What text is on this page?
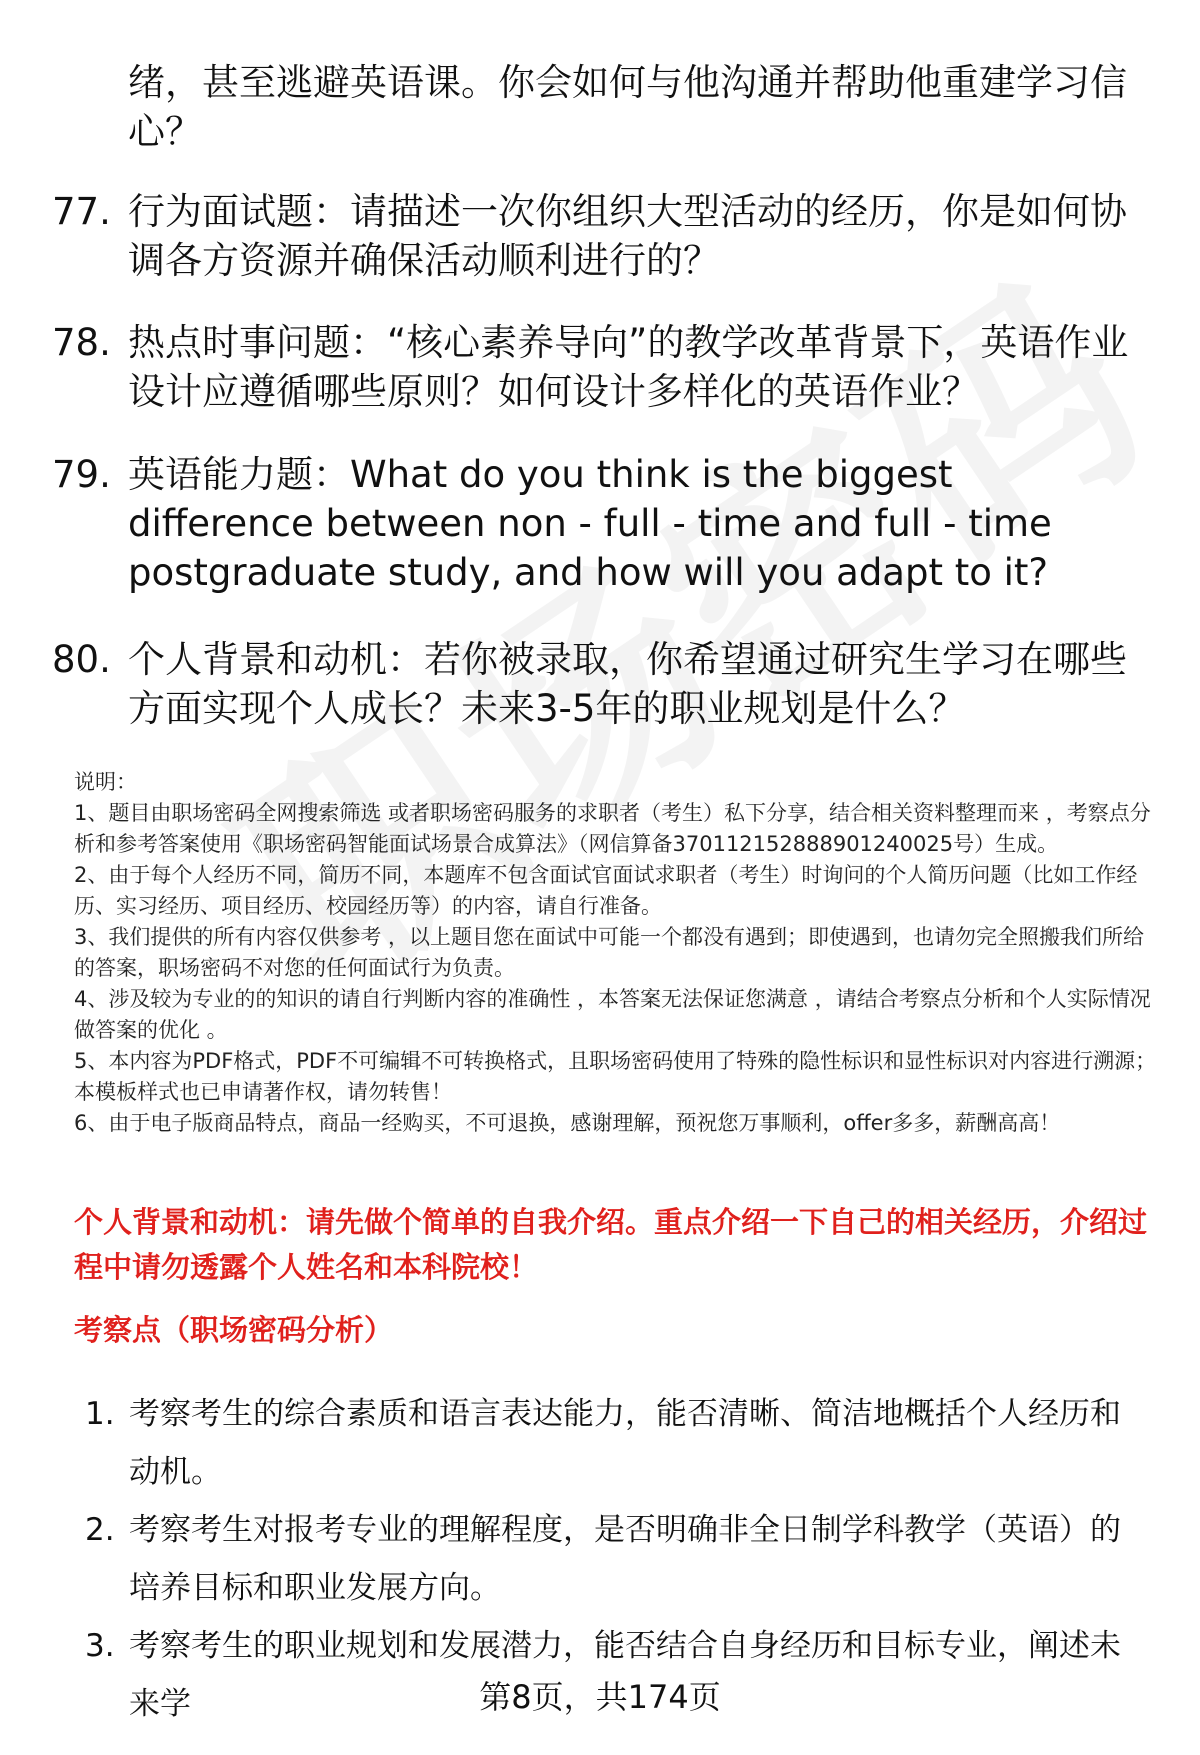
绪，甚至逃避英语课。你会如何与他沟通并帮助他重建学习信心？

77. 行为面试题：请描述一次你组织大型活动的经历，你是如何协调各方资源并确保活动顺利进行的？
78. 热点时事问题：“核心素养导向”的教学改革背景下，英语作业设计应遵循哪些原则？如何设计多样化的英语作业？
79. 英语能力题：What do you think is the biggest difference between non - full - time and full - time postgraduate study, and how will you adapt to it?
80. 个人背景和动机：若你被录取，你希望通过研究生学习在哪些方面实现个人成长？未来3-5年的职业规划是什么？

说明：

1、题目由职场密码全网搜索筛选 或者职场密码服务的求职者（考生）私下分享，结合相关资料整理而来 ，考察点分析和参考答案使用《职场密码智能面试场景合成算法》（网信算备370112152888901240025号）生成。

2、由于每个人经历不同，简历不同，本题库不包含面试官面试求职者（考生）时询问的个人简历问题（比如工作经历、实习经历、项目经历、校园经历等）的内容，请自行准备。

3、我们提供的所有内容仅供参考 ，以上题目您在面试中可能一个都没有遇到；即使遇到，也请勿完全照搬我们所给的答案，职场密码不对您的任何面试行为负责。

4、涉及较为专业的的知识的请自行判断内容的准确性 ，本答案无法保证您满意 ，请结合考察点分析和个人实际情况做答案的优化 。

5、本内容为PDF格式，PDF不可编辑不可转换格式，且职场密码使用了特殊的隐性标识和显性标识对内容进行溯源；本模板样式也已申请著作权，请勿转售！

6、由于电子版商品特点，商品一经购买，不可退换，感谢理解，预祝您万事顺利，offer多多，薪酬高高！

个人背景和动机：请先做个简单的自我介绍。重点介绍一下自己的相关经历，介绍过程中请勿透露个人姓名和本科院校！
考察点（职场密码分析）
1. 考察考生的综合素质和语言表达能力，能否清晰、简洁地概括个人经历和动机。
2. 考察考生对报考专业的理解程度，是否明确非全日制学科教学（英语）的培养目标和职业发展方向。
3. 考察考生的职业规划和发展潜力，能否结合自身经历和目标专业，阐述未来学	第8页，共174页
